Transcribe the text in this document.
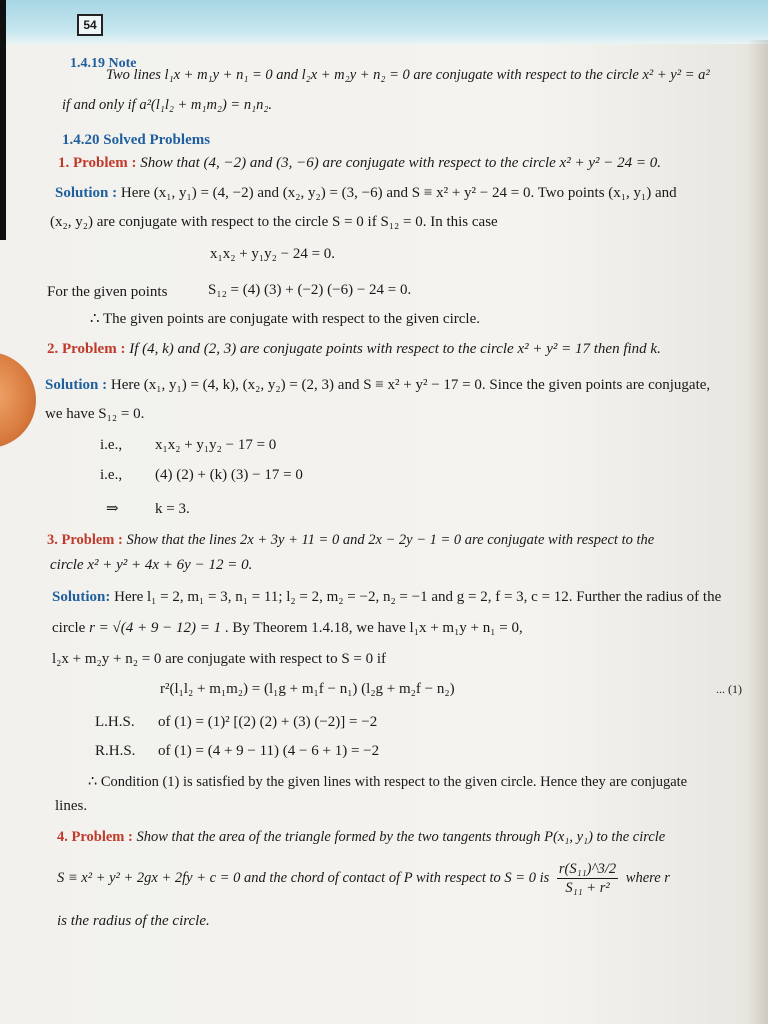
54
1.4.19 Note
Two lines l₁x + m₁y + n₁ = 0 and l₂x + m₂y + n₂ = 0 are conjugate with respect to the circle x² + y² = a²
if and only if a²(l₁l₂ + m₁m₂) = n₁n₂.
1.4.20 Solved Problems
1. Problem : Show that (4, −2) and (3, −6) are conjugate with respect to the circle x² + y² − 24 = 0.
Solution : Here (x₁, y₁) = (4, −2) and (x₂, y₂) = (3, −6) and S ≡ x² + y² − 24 = 0. Two points (x₁, y₁) and
(x₂, y₂) are conjugate with respect to the circle S = 0 if S₁₂ = 0. In this case
x₁x₂ + y₁y₂ − 24 = 0.
For the given points	S₁₂ = (4) (3) + (−2) (−6) − 24 = 0.
∴ The given points are conjugate with respect to the given circle.
2. Problem : If (4, k) and (2, 3) are conjugate points with respect to the circle x² + y² = 17 then find k.
Solution : Here (x₁, y₁) = (4, k), (x₂, y₂) = (2, 3) and S ≡ x² + y² − 17 = 0. Since the given points are conjugate,
we have S₁₂ = 0.
i.e., x₁x₂ + y₁y₂ − 17 = 0
i.e., (4) (2) + (k) (3) − 17 = 0
⇒ k = 3.
3. Problem : Show that the lines 2x + 3y + 11 = 0 and 2x − 2y − 1 = 0 are conjugate with respect to the
circle x² + y² + 4x + 6y − 12 = 0.
Solution: Here l₁ = 2, m₁ = 3, n₁ = 11; l₂ = 2, m₂ = −2, n₂ = −1 and g = 2, f = 3, c = 12. Further the radius of the
circle r = √(4 + 9 − 12) = 1 . By Theorem 1.4.18, we have l₁x + m₁y + n₁ = 0,
l₂x + m₂y + n₂ = 0 are conjugate with respect to S = 0 if
r²(l₁l₂ + m₁m₂) = (l₁g + m₁f − n₁) (l₂g + m₂f − n₂)	... (1)
L.H.S. of (1) = (1)² [(2) (2) + (3) (−2)] = −2
R.H.S. of (1) = (4 + 9 − 11) (4 − 6 + 1) = −2
∴ Condition (1) is satisfied by the given lines with respect to the given circle. Hence they are conjugate
lines.
4. Problem : Show that the area of the triangle formed by the two tangents through P(x₁, y₁) to the circle
S ≡ x² + y² + 2gx + 2fy + c = 0 and the chord of contact of P with respect to S = 0 is $\frac{\text{r(S₁₁)\textasciicircum{}3/2}}{\text{S₁₁ + r²}}$ where r
is the radius of the circle.
